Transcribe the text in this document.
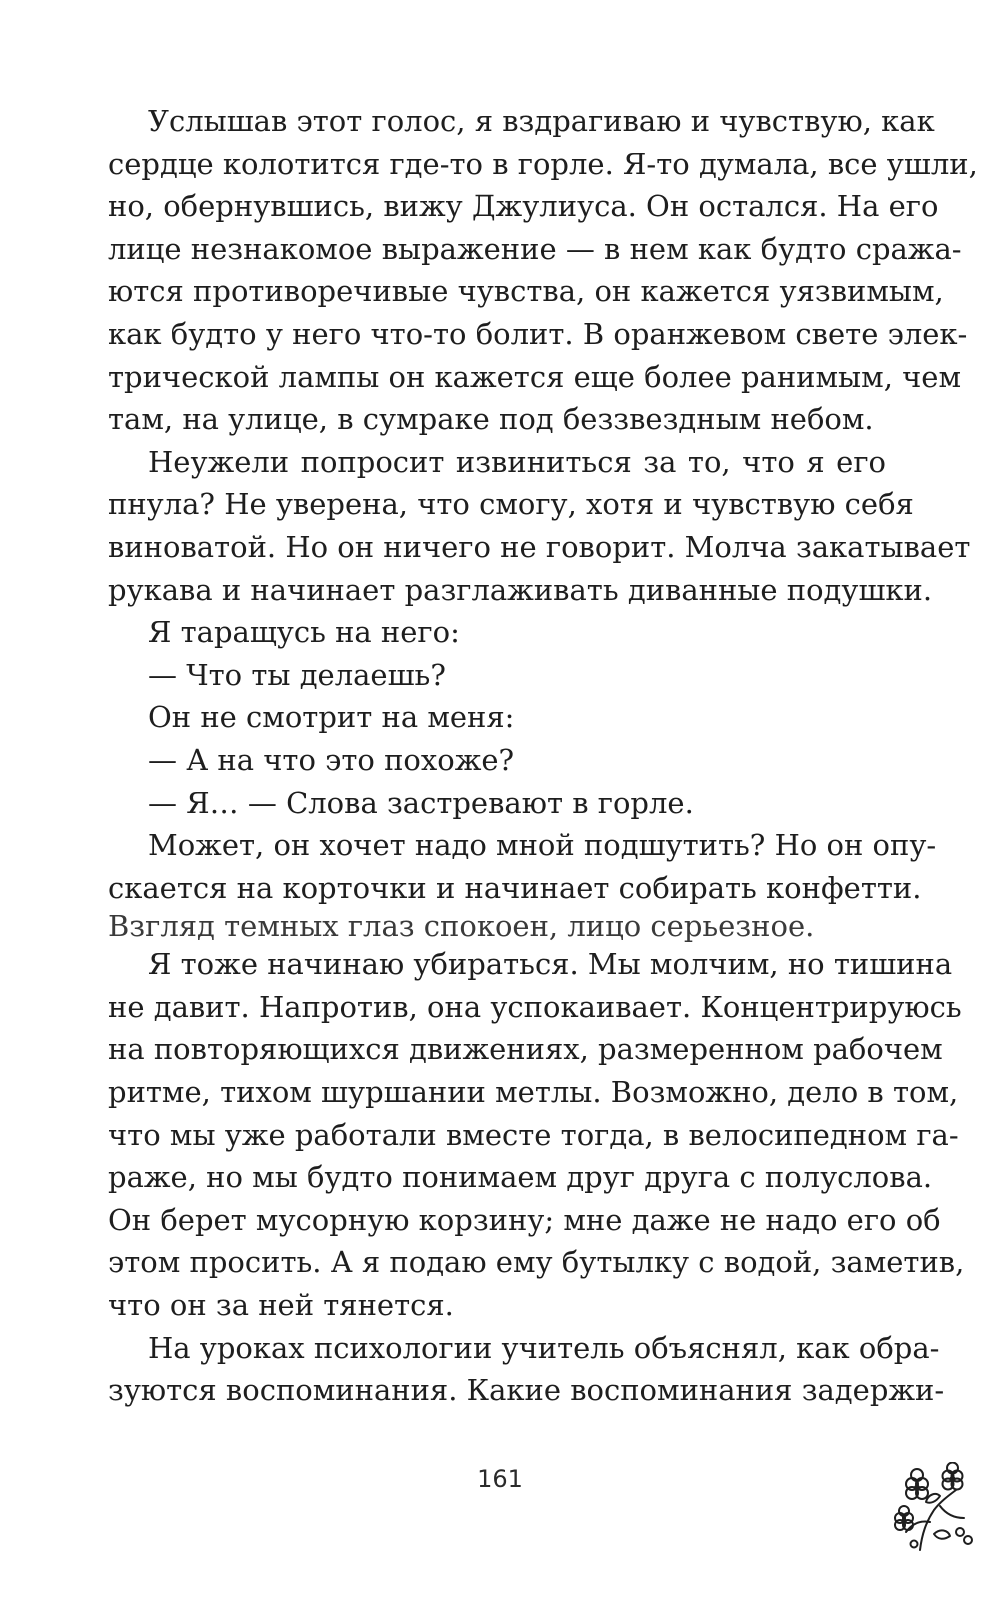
Услышав этот голос, я вздрагиваю и чувствую, как
сердце колотится где-то в горле. Я-то думала, все ушли,
но, обернувшись, вижу Джулиуса. Он остался. На его
лице незнакомое выражение — в нем как будто сража-
ются противоречивые чувства, он кажется уязвимым,
как будто у него что-то болит. В оранжевом свете элек-
трической лампы он кажется еще более ранимым, чем
там, на улице, в сумраке под беззвездным небом.
Неужели попросит извиниться за то, что я его
пнула? Не уверена, что смогу, хотя и чувствую себя
виноватой. Но он ничего не говорит. Молча закатывает
рукава и начинает разглаживать диванные подушки.
Я таращусь на него:
— Что ты делаешь?
Он не смотрит на меня:
— А на что это похоже?
— Я… — Слова застревают в горле.
Может, он хочет надо мной подшутить? Но он опу-
скается на корточки и начинает собирать конфетти.
Взгляд темных глаз спокоен, лицо серьезное.
Я тоже начинаю убираться. Мы молчим, но тишина
не давит. Напротив, она успокаивает. Концентрируюсь
на повторяющихся движениях, размеренном рабочем
ритме, тихом шуршании метлы. Возможно, дело в том,
что мы уже работали вместе тогда, в велосипедном га-
раже, но мы будто понимаем друг друга с полуслова.
Он берет мусорную корзину; мне даже не надо его об
этом просить. А я подаю ему бутылку с водой, заметив,
что он за ней тянется.
На уроках психологии учитель объяснял, как обра-
зуются воспоминания. Какие воспоминания задержи-
161
